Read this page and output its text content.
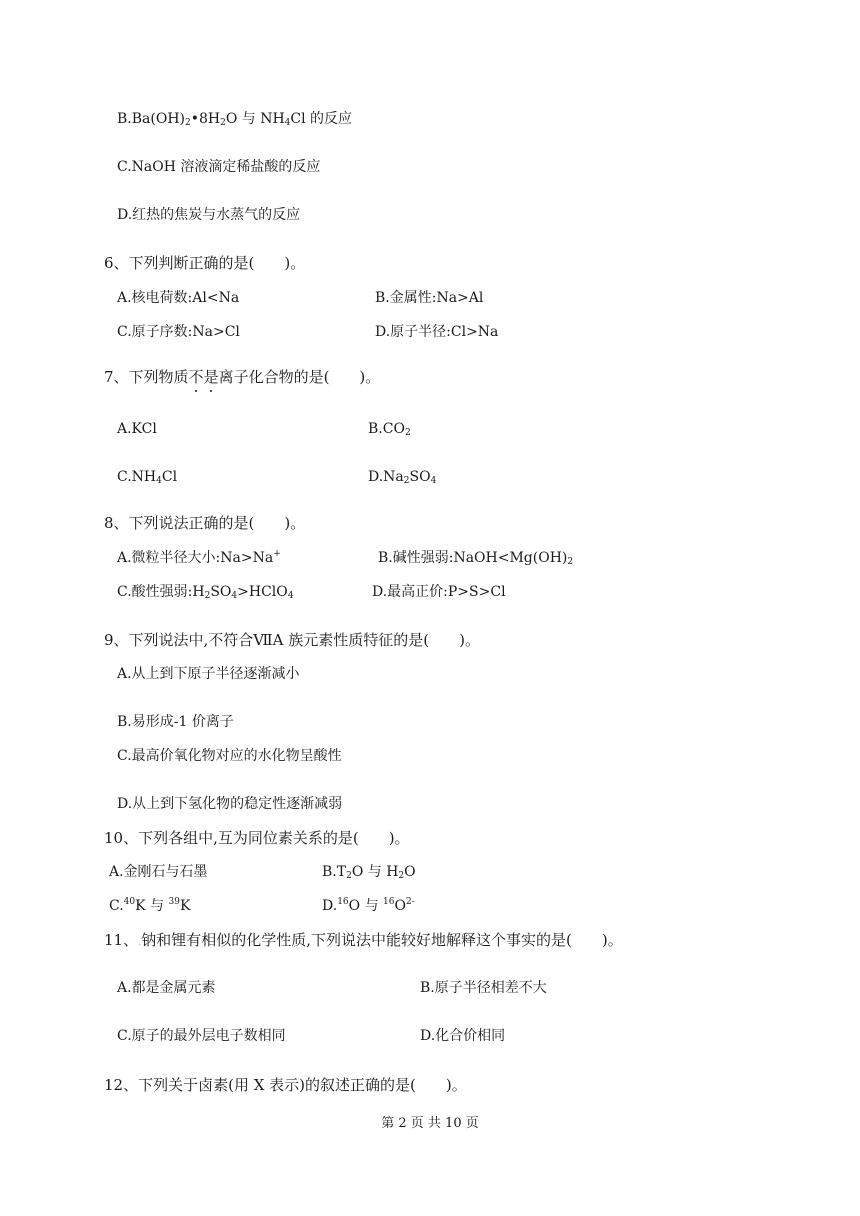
$B.Ba(OH)_2•8H_2O$ 与 $NH_4Cl$ 的反应
C.NaOH 溶液滴定稀盐酸的反应
D.红热的焦炭与水蒸气的反应
6、下列判断正确的是(　　)。
A.核电荷数:Al<Na	B.金属性:Na>Al
C.原子序数:Na>Cl	D.原子半径:Cl>Na
7、下列物质不是离子化合物的是(　　)。
A.KCl	$B.CO_2$
$C.NH_4Cl$	$D.Na_2SO_4$
8、下列说法正确的是(　　)。
A.微粒半径大小:Na>Na+	B.碱性强弱$:NaOH<Mg(OH)_2$
C.酸性强弱$:H_2SO_4>HClO_4$	D.最高正价:P>S>Cl
9、下列说法中,不符合ⅦA 族元素性质特征的是(　　)。
A.从上到下原子半径逐渐减小
B.易形成-1 价离子
C.最高价氧化物对应的水化物呈酸性
D.从上到下氢化物的稳定性逐渐减弱
10、下列各组中,互为同位素关系的是(　　)。
A.金刚石与石墨	$B.T_2O$ 与 $H_2O$
C.$^{40}$K 与 $^{39}$K	D.$^{16}$O 与 $^{16}O^{2-}$
11、.钠和锂有相似的化学性质,下列说法中能较好地解释这个事实的是(　　)。
A.都是金属元素	B.原子半径相差不大
C.原子的最外层电子数相同	D.化合价相同
12、下列关于卤素(用 X 表示)的叙述正确的是(　　)。
第 2 页 共 10 页
